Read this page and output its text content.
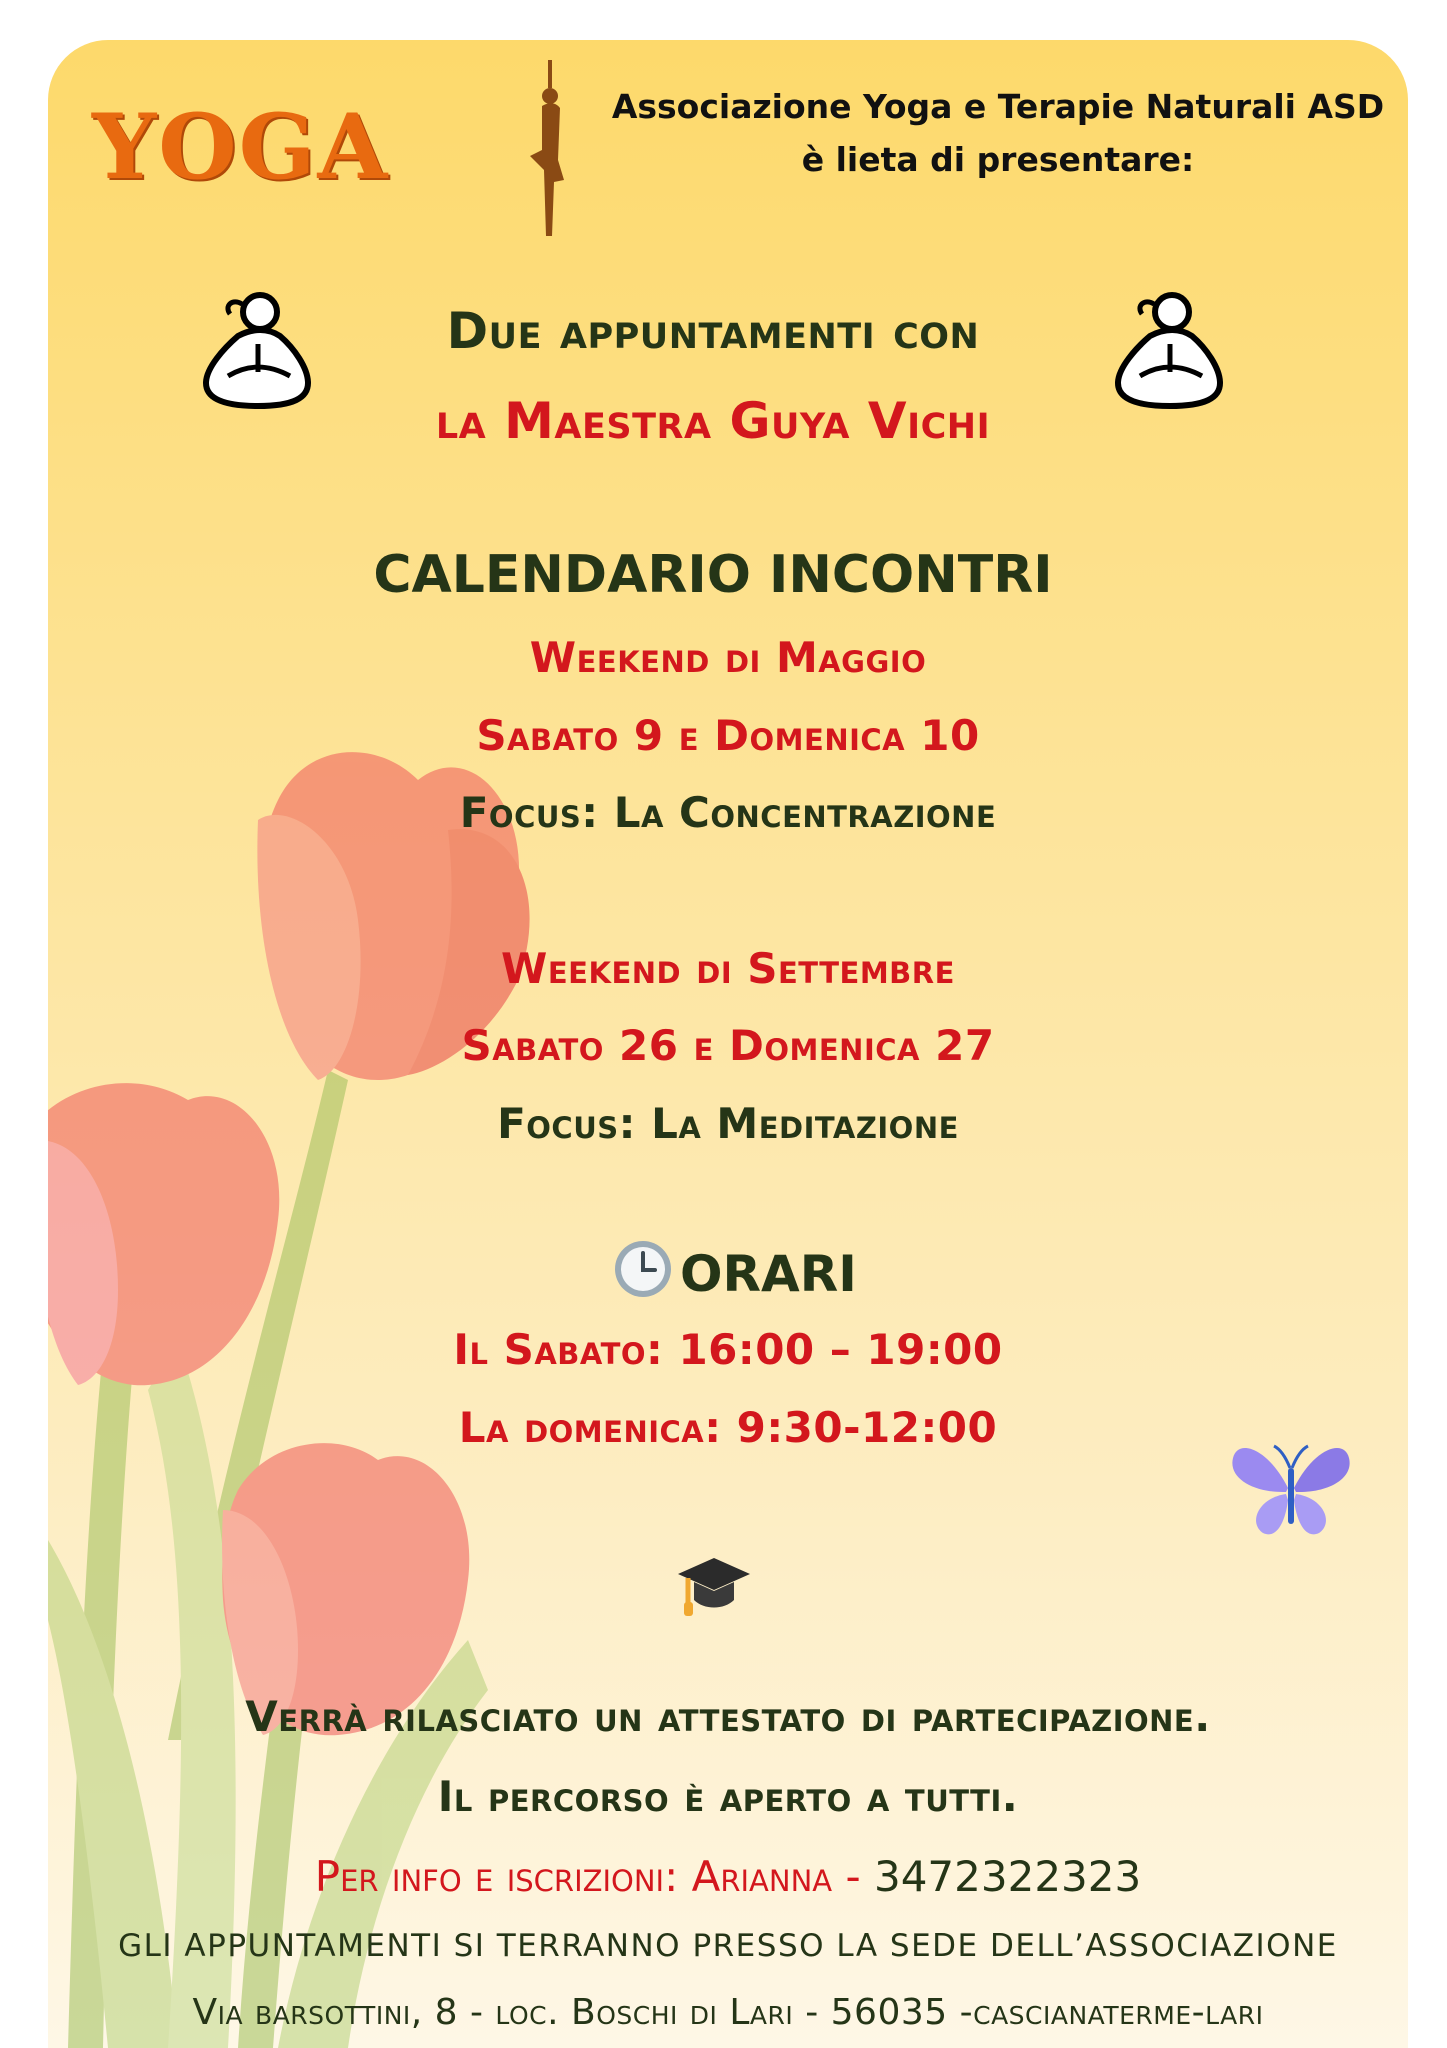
YOGA	Associazione Yoga e Terapie Naturali ASD
è lieta di presentare:
Due appuntamenti con
la Maestra Guya Vichi
CALENDARIO INCONTRI
Weekend di Maggio
Sabato 9 e Domenica 10
Focus: La Concentrazione
Weekend di Settembre
Sabato 26 e Domenica 27
Focus: La Meditazione
ORARI
Il Sabato: 16:00 – 19:00
La domenica: 9:30-12:00
Verrà rilasciato un attestato di partecipazione.
Il percorso è aperto a tutti.
Per info e iscrizioni: Arianna - 3472322323
GLI APPUNTAMENTI SI TERRANNO PRESSO LA SEDE DELL’ASSOCIAZIONE
Via barsottini, 8 - loc. Boschi di Lari - 56035 -cascianaterme-lari
